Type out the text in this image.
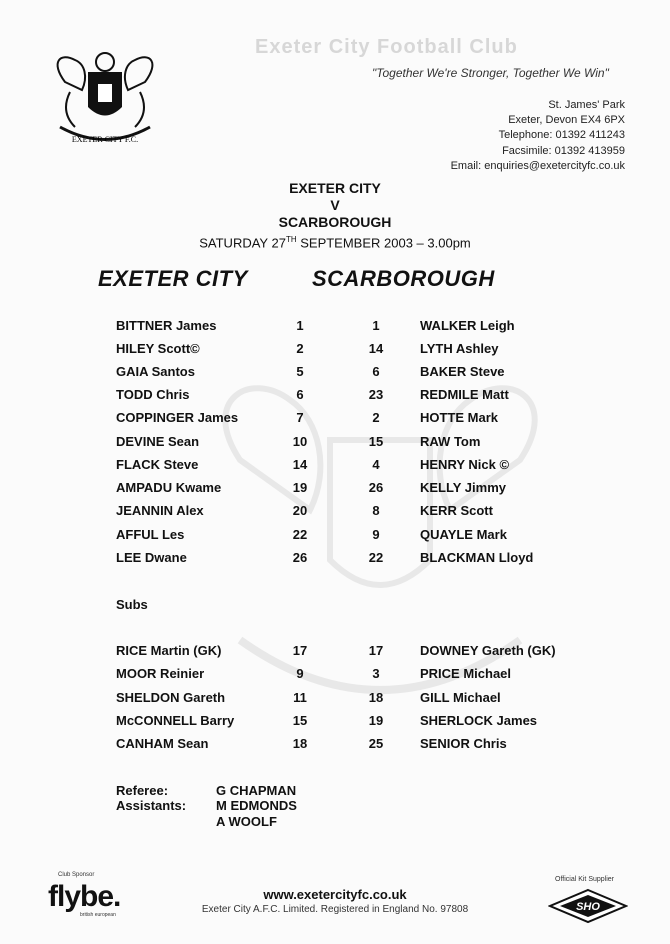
EXETER CITY F.C.
Exeter City Football Club
"Together We're Stronger, Together We Win"
St. James' Park
Exeter, Devon EX4 6PX
Telephone: 01392 411243
Facsimile: 01392 413959
Email: enquiries@exetercityfc.co.uk
EXETER CITY
V
SCARBOROUGH
SATURDAY 27TH SEPTEMBER 2003 – 3.00pm
EXETER CITY	SCARBOROUGH
BITTNER James	1	1	WALKER Leigh
HILEY Scott©	2	14	LYTH Ashley
GAIA Santos	5	6	BAKER Steve
TODD Chris	6	23	REDMILE Matt
COPPINGER James	7	2	HOTTE Mark
DEVINE Sean	10	15	RAW Tom
FLACK Steve	14	4	HENRY Nick ©
AMPADU Kwame	19	26	KELLY Jimmy
JEANNIN Alex	20	8	KERR Scott
AFFUL Les	22	9	QUAYLE Mark
LEE Dwane	26	22	BLACKMAN Lloyd
Subs
RICE Martin (GK)	17	17	DOWNEY Gareth (GK)
MOOR Reinier	9	3	PRICE Michael
SHELDON Gareth	11	18	GILL Michael
McCONNELL Barry	15	19	SHERLOCK James
CANHAM Sean	18	25	SENIOR Chris
Referee:	G CHAPMAN
Assistants: M EDMONDS
A WOOLF
Club Sponsor
flybe.
british european
www.exetercityfc.co.uk
Exeter City A.F.C. Limited. Registered in England No. 97808
Official Kit Supplier
SHO
